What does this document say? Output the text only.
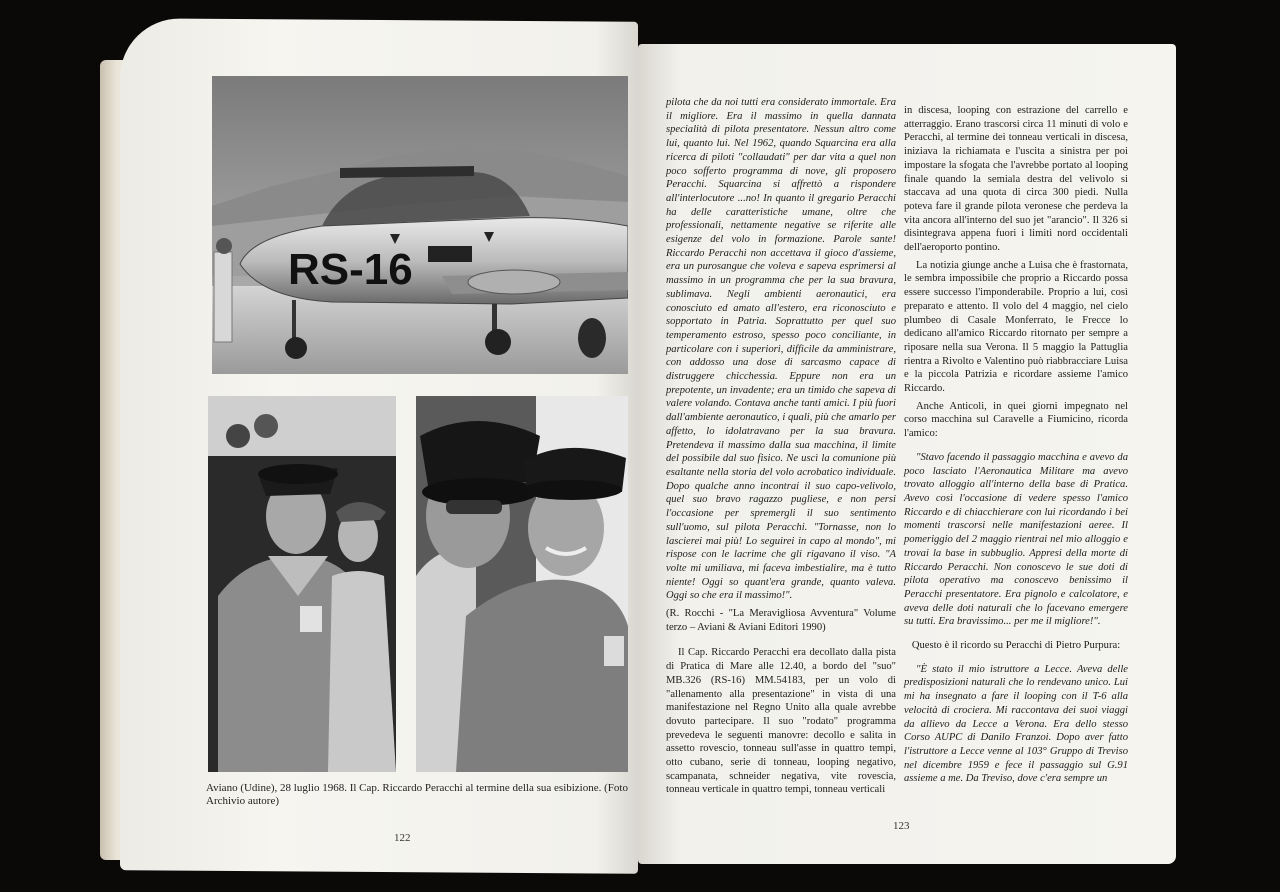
RS-16
Aviano (Udine), 28 luglio 1968. Il Cap. Riccardo Peracchi al termine della sua esibizione. (Foto Archivio autore)
122
123

pilota che da noi tutti era considerato immortale. Era il migliore. Era il massimo in quella dannata specialità di pilota presentatore. Nessun altro come lui, quanto lui. Nel 1962, quando Squarcina era alla ricerca di piloti "collaudati" per dar vita a quel non poco sofferto programma di nove, gli proposero Peracchi. Squarcina si affrettò a rispondere all'interlocutore ...no! In quanto il gregario Peracchi ha delle caratteristiche umane, oltre che professionali, nettamente negative se riferite alle esigenze del volo in formazione. Parole sante! Riccardo Peracchi non accettava il gioco d'assieme, era un purosangue che voleva e sapeva esprimersi al massimo in un programma che per la sua bravura, sublimava. Negli ambienti aeronautici, era conosciuto ed amato all'estero, era riconosciuto e sopportato in Patria. Soprattutto per quel suo temperamento estroso, spesso poco conciliante, in particolare con i superiori, difficile da amministrare, con addosso una dose di sarcasmo capace di distruggere chicchessia. Eppure non era un prepotente, un invadente; era un timido che sapeva di valere volando. Contava anche tanti amici. I più fuori dall'ambiente aeronautico, i quali, più che amarlo per affetto, lo idolatravano per la sua bravura. Pretendeva il massimo dalla sua macchina, il limite del possibile dal suo fisico. Ne uscì la comunione più esaltante nella storia del volo acrobatico individuale. Dopo qualche anno incontrai il suo capo-velivolo, quel suo bravo ragazzo pugliese, e non persi l'occasione per spremergli il suo sentimento sull'uomo, sul pilota Peracchi. "Tornasse, non lo lascierei mai più! Lo seguirei in capo al mondo", mi rispose con le lacrime che gli rigavano il viso. "A volte mi umiliava, mi faceva imbestialire, ma è tutto niente! Oggi so quant'era grande, quanto valeva. Oggi so che era il massimo!".

(R. Rocchi - "La Meravigliosa Avventura" Volume terzo – Aviani & Aviani Editori 1990)

Il Cap. Riccardo Peracchi era decollato dalla pista di Pratica di Mare alle 12.40, a bordo del "suo" MB.326 (RS-16) MM.54183, per un volo di "allenamento alla presentazione" in vista di una manifestazione nel Regno Unito alla quale avrebbe dovuto partecipare. Il suo "rodato" programma prevedeva le seguenti manovre: decollo e salita in assetto rovescio, tonneau sull'asse in quattro tempi, otto cubano, serie di tonneau, looping negativo, scampanata, schneider negativa, vite rovescia, tonneau verticale in quattro tempi, tonneau verticali

in discesa, looping con estrazione del carrello e atterraggio. Erano trascorsi circa 11 minuti di volo e Peracchi, al termine dei tonneau verticali in discesa, iniziava la richiamata e l'uscita a sinistra per poi impostare la sfogata che l'avrebbe portato al looping finale quando la semiala destra del velivolo si staccava ad una quota di circa 300 piedi. Nulla poteva fare il grande pilota veronese che perdeva la vita ancora all'interno del suo jet "arancio". Il 326 si disintegrava appena fuori i limiti nord occidentali dell'aeroporto pontino.

La notizia giunge anche a Luisa che è frastornata, le sembra impossibile che proprio a Riccardo possa essere successo l'imponderabile. Proprio a lui, così preparato e attento. Il volo del 4 maggio, nel cielo plumbeo di Casale Monferrato, le Frecce lo dedicano all'amico Riccardo ritornato per sempre a riposare nella sua Verona. Il 5 maggio la Pattuglia rientra a Rivolto e Valentino può riabbracciare Luisa e la piccola Patrizia e ricordare assieme l'amico Riccardo.

Anche Anticoli, in quei giorni impegnato nel corso macchina sul Caravelle a Fiumicino, ricorda l'amico:

"Stavo facendo il passaggio macchina e avevo da poco lasciato l'Aeronautica Militare ma avevo trovato alloggio all'interno della base di Pratica. Avevo così l'occasione di vedere spesso l'amico Riccardo e di chiacchierare con lui ricordando i bei momenti trascorsi nelle manifestazioni aeree. Il pomeriggio del 2 maggio rientrai nel mio alloggio e trovai la base in subbuglio. Appresi della morte di Riccardo Peracchi. Non conoscevo le sue doti di pilota operativo ma conoscevo benissimo il Peracchi presentatore. Era pignolo e calcolatore, e aveva delle doti naturali che lo facevano emergere su tutti. Era bravissimo... per me il migliore!".

Questo è il ricordo su Peracchi di Pietro Purpura:

"È stato il mio istruttore a Lecce. Aveva delle predisposizioni naturali che lo rendevano unico. Lui mi ha insegnato a fare il looping con il T-6 alla velocità di crociera. Mi raccontava dei suoi viaggi da allievo da Lecce a Verona. Era dello stesso Corso AUPC di Danilo Franzoi. Dopo aver fatto l'istruttore a Lecce venne al 103° Gruppo di Treviso nel dicembre 1959 e fece il passaggio sul G.91 assieme a me. Da Treviso, dove c'era sempre un
